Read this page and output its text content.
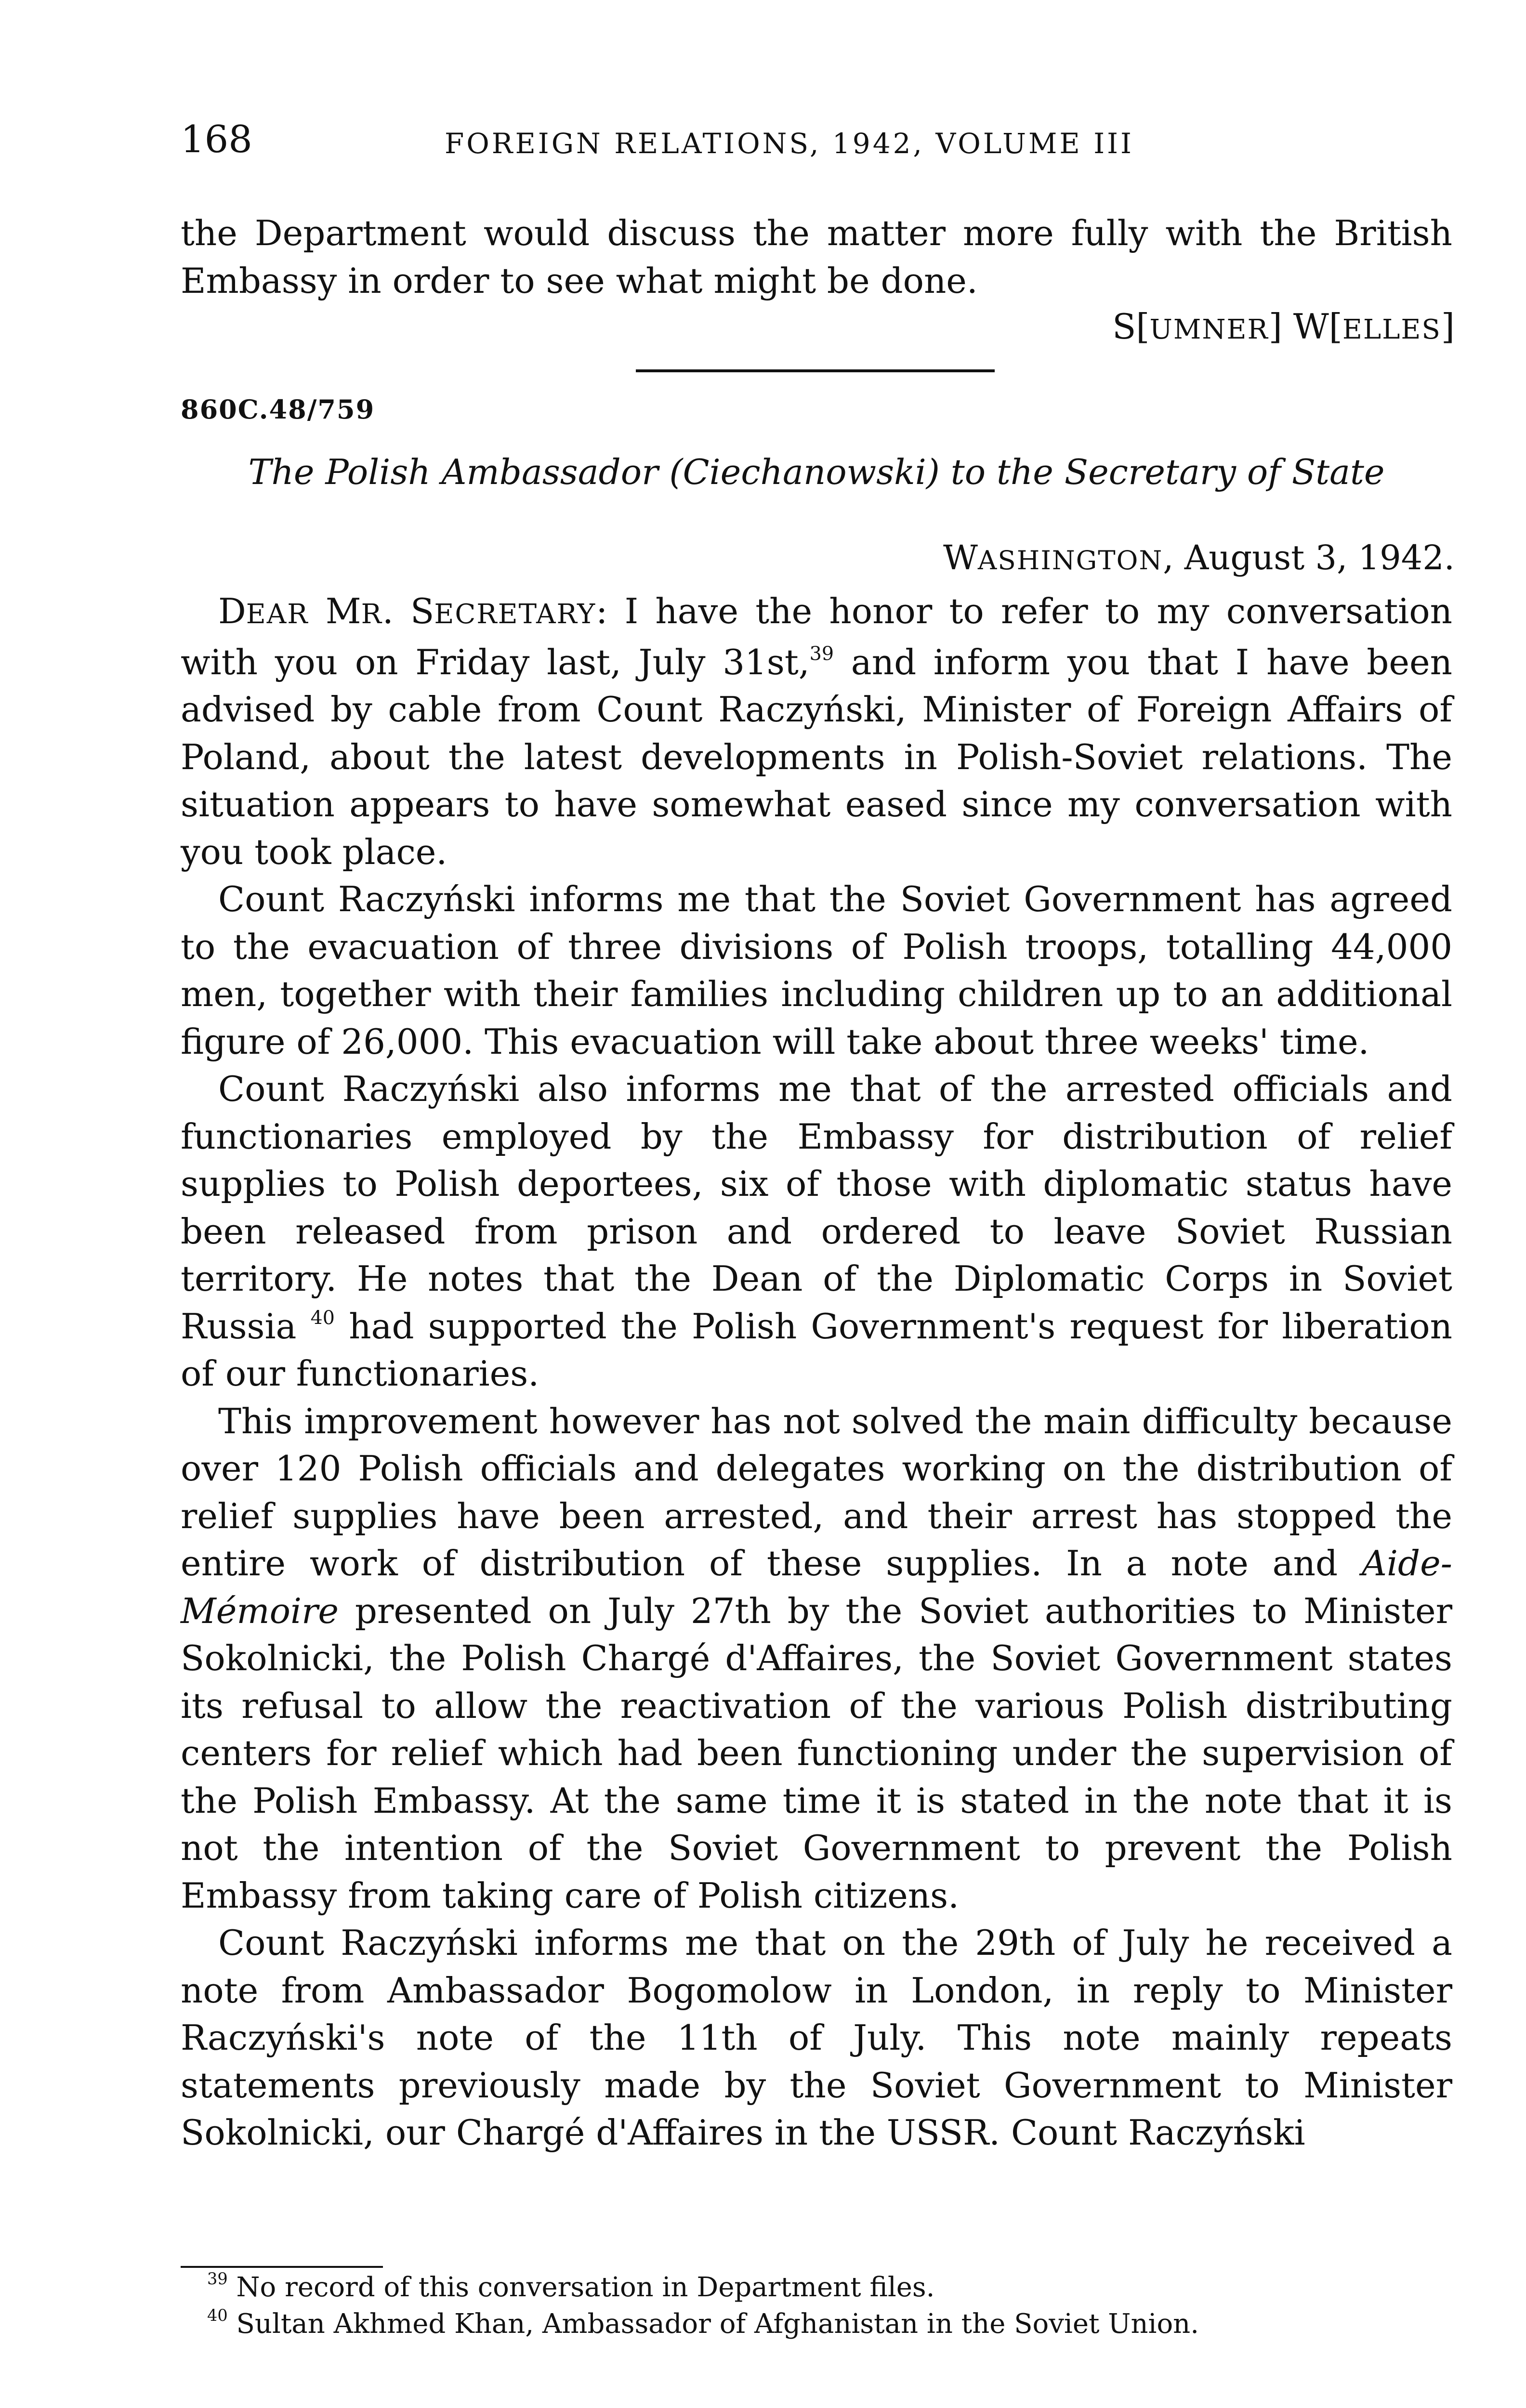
168	FOREIGN RELATIONS, 1942, VOLUME III

the Department would discuss the matter more fully with the British Embassy in order to see what might be done.

S[UMNER] W[ELLES]
860C.48/759
The Polish Ambassador (Ciechanowski) to the Secretary of State
WASHINGTON, August 3, 1942.

DEAR MR. SECRETARY: I have the honor to refer to my conversation with you on Friday last, July 31st,$^{39}$ and inform you that I have been advised by cable from Count Raczyński, Minister of Foreign Affairs of Poland, about the latest developments in Polish-Soviet relations. The situation appears to have somewhat eased since my conversation with you took place.

Count Raczyński informs me that the Soviet Government has agreed to the evacuation of three divisions of Polish troops, totalling 44,000 men, together with their families including children up to an additional figure of 26,000. This evacuation will take about three weeks' time.

Count Raczyński also informs me that of the arrested officials and functionaries employed by the Embassy for distribution of relief supplies to Polish deportees, six of those with diplomatic status have been released from prison and ordered to leave Soviet Russian territory. He notes that the Dean of the Diplomatic Corps in Soviet Russia $^{40}$ had supported the Polish Government's request for liberation of our functionaries.

This improvement however has not solved the main difficulty because over 120 Polish officials and delegates working on the distribution of relief supplies have been arrested, and their arrest has stopped the entire work of distribution of these supplies. In a note and Aide-Mémoire presented on July 27th by the Soviet authorities to Minister Sokolnicki, the Polish Chargé d'Affaires, the Soviet Government states its refusal to allow the reactivation of the various Polish distributing centers for relief which had been functioning under the supervision of the Polish Embassy. At the same time it is stated in the note that it is not the intention of the Soviet Government to prevent the Polish Embassy from taking care of Polish citizens.

Count Raczyński informs me that on the 29th of July he received a note from Ambassador Bogomolow in London, in reply to Minister Raczyński's note of the 11th of July. This note mainly repeats statements previously made by the Soviet Government to Minister Sokolnicki, our Chargé d'Affaires in the USSR. Count Raczyński

$^{39}$ No record of this conversation in Department files.

$^{40}$ Sultan Akhmed Khan, Ambassador of Afghanistan in the Soviet Union.
